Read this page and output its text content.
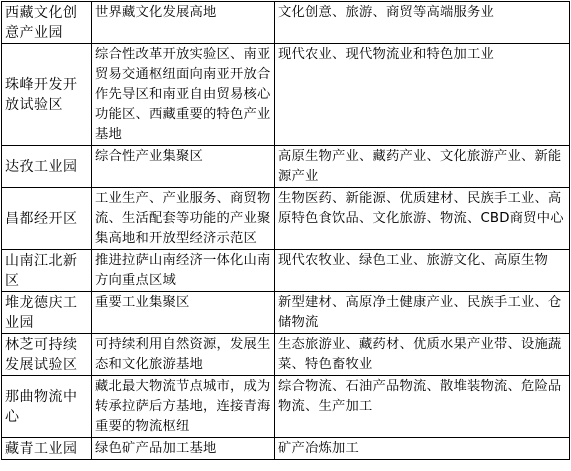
西藏文化创意产业园	世界藏文化发展高地	文化创意、旅游、商贸等高端服务业
珠峰开发开放试验区	综合性改革开放实验区、南亚贸易交通枢纽面向南亚开放合作先导区和南亚自由贸易核心功能区、西藏重要的特色产业基地	现代农业、现代物流业和特色加工业
达孜工业园	综合性产业集聚区	高原生物产业、藏药产业、文化旅游产业、新能源产业
昌都经开区	工业生产、产业服务、商贸物流、生活配套等功能的产业聚集高地和开放型经济示范区	生物医药、新能源、优质建材、民族手工业、高原特色食饮品、文化旅游、物流、CBD商贸中心
山南江北新区	推进拉萨山南经济一体化山南方向重点区域	现代农牧业、绿色工业、旅游文化、高原生物
堆龙德庆工业园	重要工业集聚区	新型建材、高原净土健康产业、民族手工业、仓储物流
林芝可持续发展试验区	可持续利用自然资源，发展生态和文化旅游基地	生态旅游业、藏药材、优质水果产业带、设施蔬菜、特色畜牧业
那曲物流中心	藏北最大物流节点城市，成为转承拉萨后方基地，连接青海重要的物流枢纽	综合物流、石油产品物流、散堆装物流、危险品物流、生产加工
藏青工业园	绿色矿产品加工基地	矿产冶炼加工
